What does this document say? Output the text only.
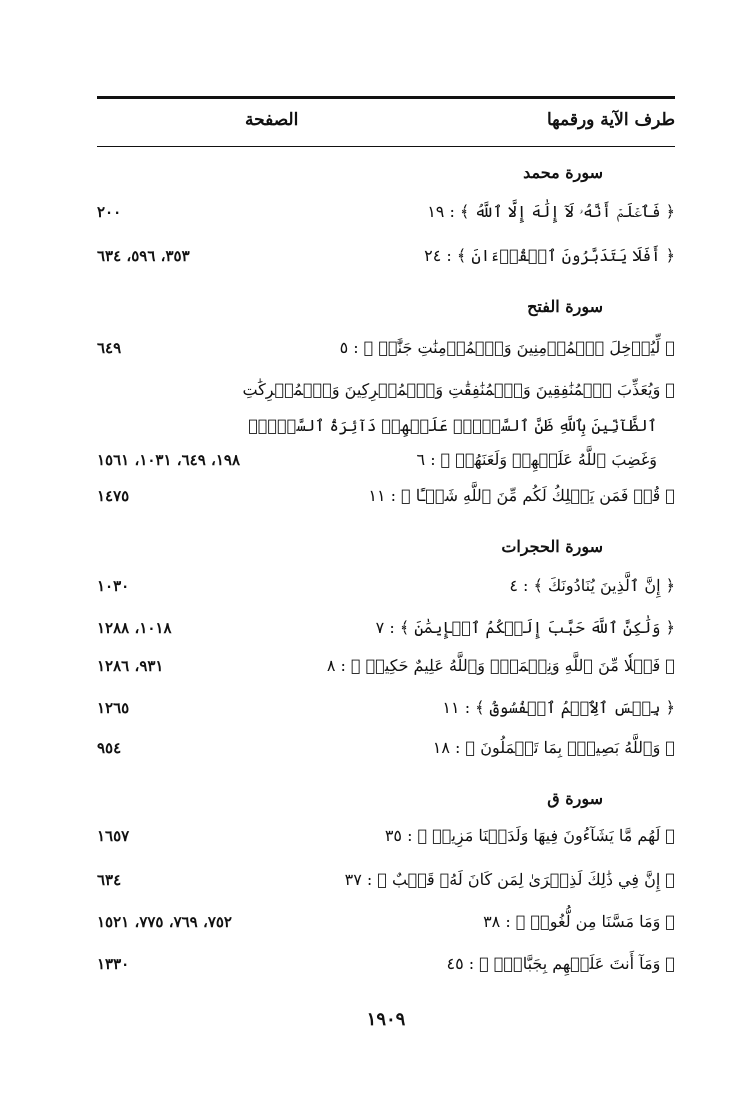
طرف الآية ورقمها
الصفحة
سورة محمد
﴿ فَٱعۡلَمۡ أَنَّهُۥ لَآ إِلَٰهَ إِلَّا ٱللَّهُ ﴾ : ١٩
٢٠٠
﴿ أَفَلَا يَتَدَبَّرُونَ ٱلۡقُرۡءَانَ ﴾ : ٢٤
٣٥٣، ٥٩٦، ٦٣٤
سورة الفتح
﴿ لِّيُدۡخِلَ ٱلۡمُؤۡمِنِينَ وَٱلۡمُؤۡمِنَٰتِ جَنَّٰتٖ ﴾ : ٥
٦٤٩
﴿ وَيُعَذِّبَ ٱلۡمُنَٰفِقِينَ وَٱلۡمُنَٰفِقَٰتِ وَٱلۡمُشۡرِكِينَ وَٱلۡمُشۡرِكَٰتِ
ٱلظَّآنِّينَ بِٱللَّهِ ظَنَّ ٱلسَّوۡءِۚ عَلَيۡهِمۡ دَآئِرَةُ ٱلسَّوۡءِۖ
وَغَضِبَ ٱللَّهُ عَلَيۡهِمۡ وَلَعَنَهُمۡ ﴾ : ٦
١٩٨، ٦٤٩، ١٠٣١، ١٥٦١
﴿ قُلۡ فَمَن يَمۡلِكُ لَكُم مِّنَ ٱللَّهِ شَيۡـًٔا ﴾ : ١١
١٤٧٥
سورة الحجرات
﴿ إِنَّ ٱلَّذِينَ يُنَادُونَكَ ﴾ : ٤
١٠٣٠
﴿ وَلَٰكِنَّ ٱللَّهَ حَبَّبَ إِلَيۡكُمُ ٱلۡإِيمَٰنَ ﴾ : ٧
١٠١٨، ١٢٨٨
﴿ فَضۡلٗا مِّنَ ٱللَّهِ وَنِعۡمَةٗۚ وَٱللَّهُ عَلِيمٌ حَكِيمٞ ﴾ : ٨
٩٣١، ١٢٨٦
﴿ بِئۡسَ ٱلِٱسۡمُ ٱلۡفُسُوقُ ﴾ : ١١
١٢٦٥
﴿ وَٱللَّهُ بَصِيرُۢ بِمَا تَعۡمَلُونَ ﴾ : ١٨
٩٥٤
سورة ق
﴿ لَهُم مَّا يَشَآءُونَ فِيهَا وَلَدَيۡنَا مَزِيدٞ ﴾ : ٣٥
١٦٥٧
﴿ إِنَّ فِي ذَٰلِكَ لَذِكۡرَىٰ لِمَن كَانَ لَهُۥ قَلۡبٌ ﴾ : ٣٧
٦٣٤
﴿ وَمَا مَسَّنَا مِن لُّغُوبٖ ﴾ : ٣٨
٧٥٢، ٧٦٩، ٧٧٥، ١٥٢١
﴿ وَمَآ أَنتَ عَلَيۡهِم بِجَبَّارٖۖ ﴾ : ٤٥
١٣٣٠
١٩٠٩
